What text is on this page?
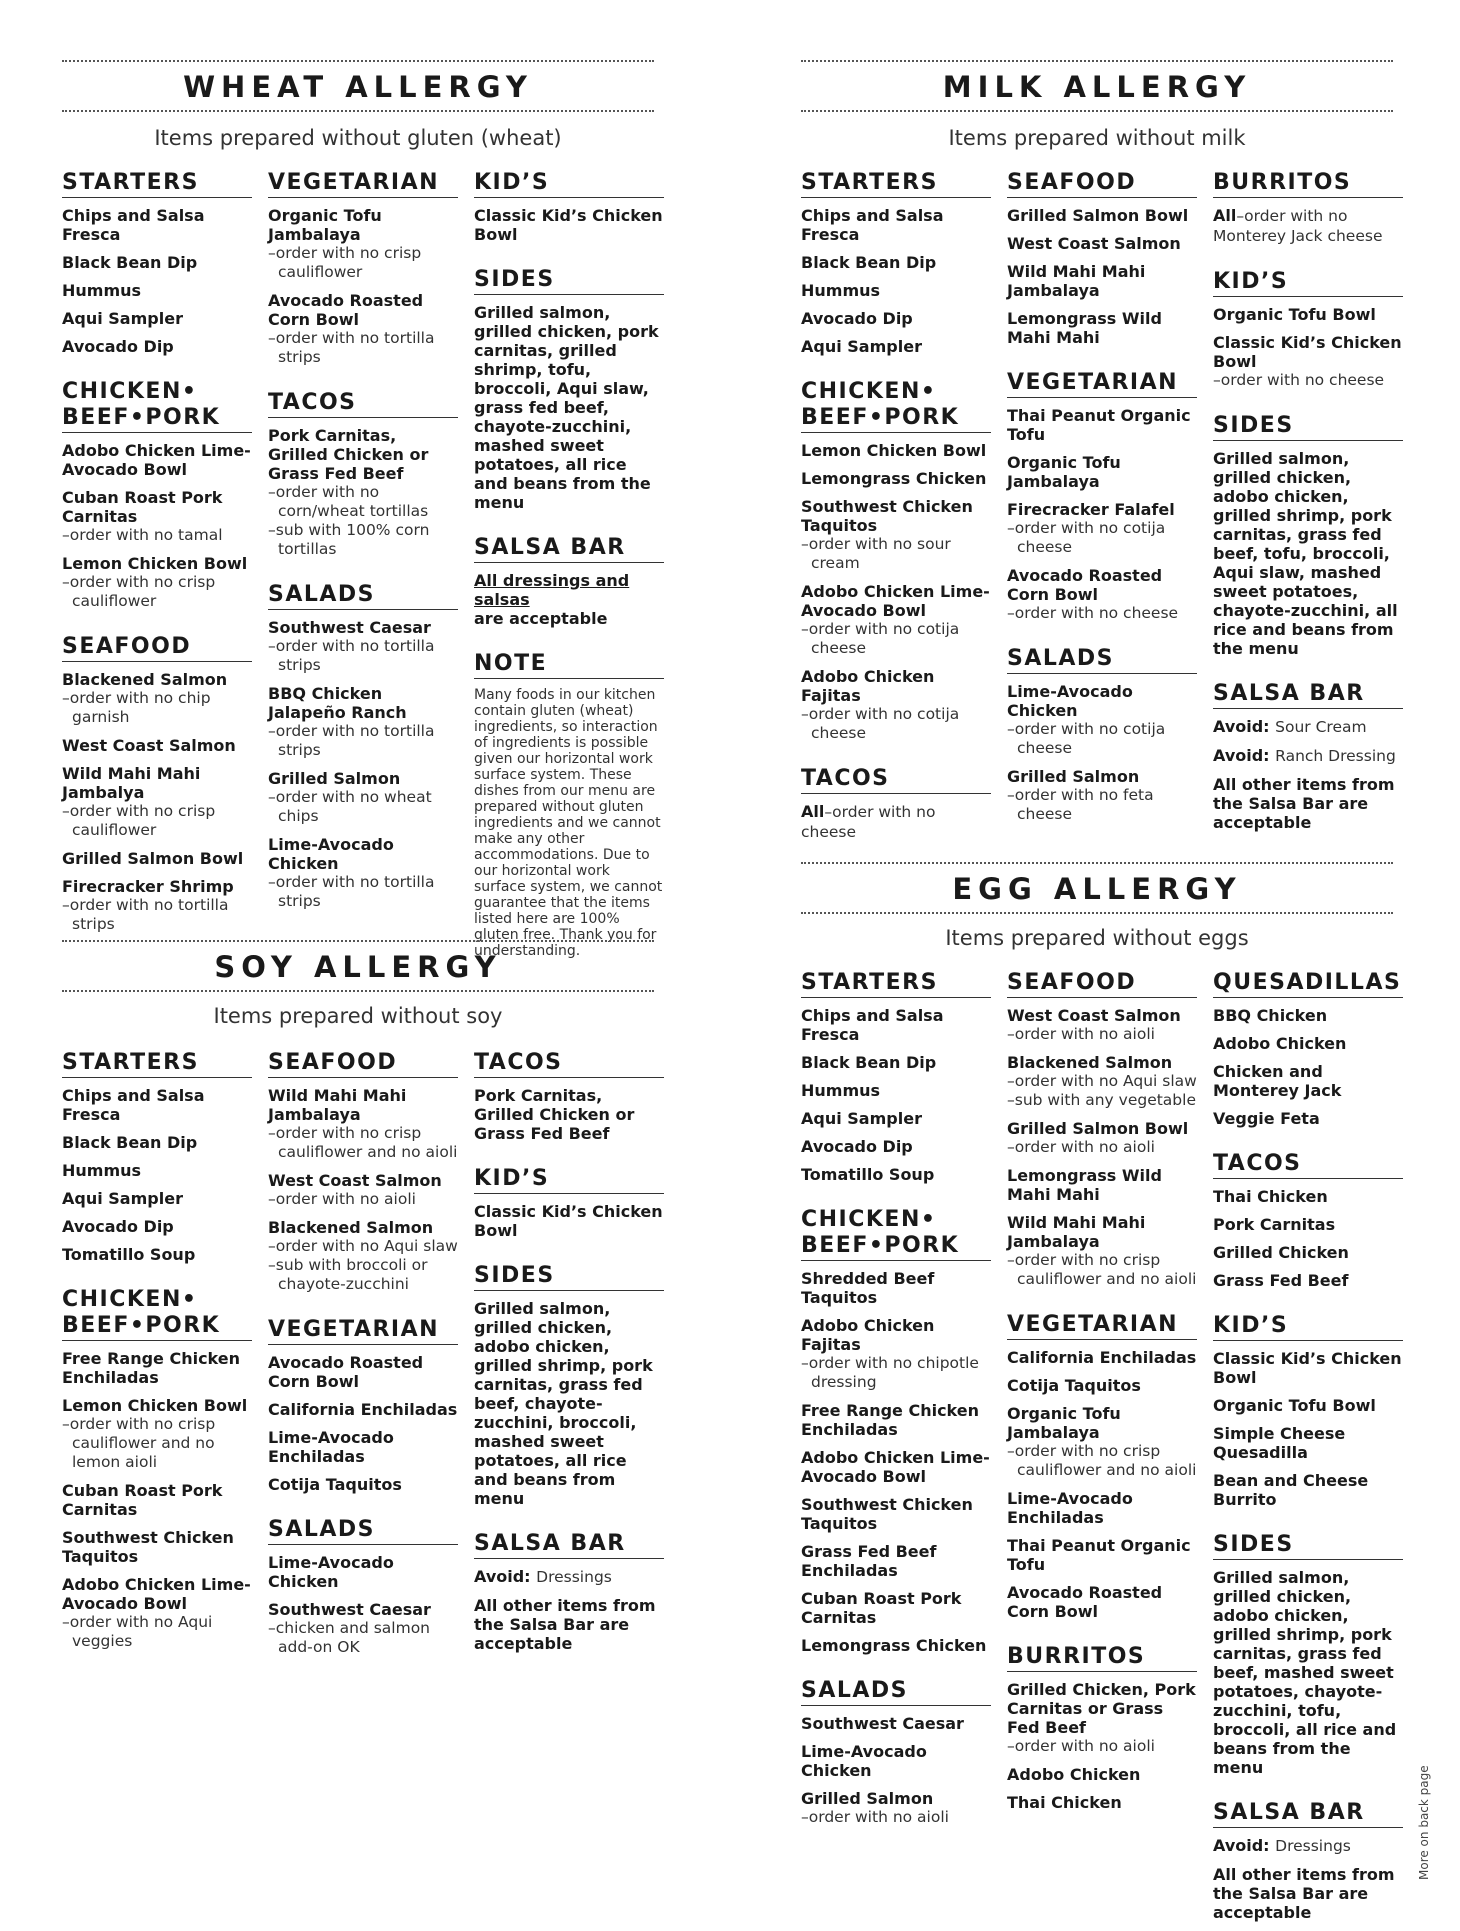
WHEAT ALLERGY
Items prepared without gluten (wheat)
STARTERS
Chips and Salsa Fresca
Black Bean Dip
Hummus
Aqui Sampler
Avocado Dip
CHICKEN•
BEEF•PORK
Adobo Chicken Lime-Avocado Bowl
Cuban Roast Pork Carnitas
– order with no tamal
Lemon Chicken Bowl
– order with no crisp cauliflower
SEAFOOD
Blackened Salmon
– order with no chip garnish
West Coast Salmon
Wild Mahi Mahi Jambalya
– order with no crisp cauliflower
Grilled Salmon Bowl
Firecracker Shrimp
– order with no tortilla strips
VEGETARIAN
Organic Tofu Jambalaya
– order with no crisp cauliflower
Avocado Roasted Corn Bowl
– order with no tortilla strips
TACOS
Pork Carnitas, Grilled Chicken or Grass Fed Beef
– order with no corn/wheat tortillas
– sub with 100% corn tortillas
SALADS
Southwest Caesar
– order with no tortilla strips
BBQ Chicken Jalapeño Ranch
– order with no tortilla strips
Grilled Salmon
– order with no wheat chips
Lime-Avocado Chicken
– order with no tortilla strips
KID’S
Classic Kid’s Chicken Bowl
SIDES
Grilled salmon, grilled chicken, pork carnitas, grilled shrimp, tofu, broccoli, Aqui slaw, grass fed beef, chayote-zucchini, mashed sweet potatoes, all rice and beans from the menu
SALSA BAR
All dressings and salsas
are acceptable
NOTE
Many foods in our kitchen contain gluten (wheat) ingredients, so interaction of ingredients is possible given our horizontal work surface system. These dishes from our menu are prepared without gluten ingredients and we cannot make any other accommodations. Due to our horizontal work surface system, we cannot guarantee that the items listed here are 100% gluten free. Thank you for understanding.
SOY ALLERGY
Items prepared without soy
STARTERS
Chips and Salsa Fresca
Black Bean Dip
Hummus
Aqui Sampler
Avocado Dip
Tomatillo Soup
CHICKEN•
BEEF•PORK
Free Range Chicken Enchiladas
Lemon Chicken Bowl
– order with no crisp cauliflower and no lemon aioli
Cuban Roast Pork Carnitas
Southwest Chicken Taquitos
Adobo Chicken Lime-Avocado Bowl
– order with no Aqui veggies
SEAFOOD
Wild Mahi Mahi Jambalaya
– order with no crisp cauliflower and no aioli
West Coast Salmon
– order with no aioli
Blackened Salmon
– order with no Aqui slaw
– sub with broccoli or chayote-zucchini
VEGETARIAN
Avocado Roasted Corn Bowl
California Enchiladas
Lime-Avocado Enchiladas
Cotija Taquitos
SALADS
Lime-Avocado Chicken
Southwest Caesar
– chicken and salmon add-on OK
TACOS
Pork Carnitas, Grilled Chicken or Grass Fed Beef
KID’S
Classic Kid’s Chicken Bowl
SIDES
Grilled salmon, grilled chicken, adobo chicken, grilled shrimp, pork carnitas, grass fed beef, chayote-zucchini, broccoli, mashed sweet potatoes, all rice and beans from menu
SALSA BAR
Avoid: Dressings
All other items from the Salsa Bar are acceptable
MILK ALLERGY
Items prepared without milk
STARTERS
Chips and Salsa Fresca
Black Bean Dip
Hummus
Avocado Dip
Aqui Sampler
CHICKEN•
BEEF•PORK
Lemon Chicken Bowl
Lemongrass Chicken
Southwest Chicken Taquitos
– order with no sour cream
Adobo Chicken Lime-Avocado Bowl
– order with no cotija cheese
Adobo Chicken Fajitas
– order with no cotija cheese
TACOS
All–order with no cheese
SEAFOOD
Grilled Salmon Bowl
West Coast Salmon
Wild Mahi Mahi Jambalaya
Lemongrass Wild Mahi Mahi
VEGETARIAN
Thai Peanut Organic Tofu
Organic Tofu Jambalaya
Firecracker Falafel
– order with no cotija cheese
Avocado Roasted Corn Bowl
– order with no cheese
SALADS
Lime-Avocado Chicken
– order with no cotija cheese
Grilled Salmon
– order with no feta cheese
BURRITOS
All–order with no Monterey Jack cheese
KID’S
Organic Tofu Bowl
Classic Kid’s Chicken Bowl
– order with no cheese
SIDES
Grilled salmon, grilled chicken, adobo chicken, grilled shrimp, pork carnitas, grass fed beef, tofu, broccoli, Aqui slaw, mashed sweet potatoes, chayote-zucchini, all rice and beans from the menu
SALSA BAR
Avoid: Sour Cream
Avoid: Ranch Dressing
All other items from the Salsa Bar are acceptable
EGG ALLERGY
Items prepared without eggs
STARTERS
Chips and Salsa Fresca
Black Bean Dip
Hummus
Aqui Sampler
Avocado Dip
Tomatillo Soup
CHICKEN•
BEEF•PORK
Shredded Beef Taquitos
Adobo Chicken Fajitas
– order with no chipotle dressing
Free Range Chicken Enchiladas
Adobo Chicken Lime-Avocado Bowl
Southwest Chicken Taquitos
Grass Fed Beef Enchiladas
Cuban Roast Pork Carnitas
Lemongrass Chicken
SALADS
Southwest Caesar
Lime-Avocado Chicken
Grilled Salmon
– order with no aioli
SEAFOOD
West Coast Salmon
– order with no aioli
Blackened Salmon
– order with no Aqui slaw
– sub with any vegetable
Grilled Salmon Bowl
– order with no aioli
Lemongrass Wild Mahi Mahi
Wild Mahi Mahi Jambalaya
– order with no crisp cauliflower and no aioli
VEGETARIAN
California Enchiladas
Cotija Taquitos
Organic Tofu Jambalaya
– order with no crisp cauliflower and no aioli
Lime-Avocado Enchiladas
Thai Peanut Organic Tofu
Avocado Roasted Corn Bowl
BURRITOS
Grilled Chicken, Pork Carnitas or Grass Fed Beef
– order with no aioli
Adobo Chicken
Thai Chicken
QUESADILLAS
BBQ Chicken
Adobo Chicken
Chicken and Monterey Jack
Veggie Feta
TACOS
Thai Chicken
Pork Carnitas
Grilled Chicken
Grass Fed Beef
KID’S
Classic Kid’s Chicken Bowl
Organic Tofu Bowl
Simple Cheese Quesadilla
Bean and Cheese Burrito
SIDES
Grilled salmon, grilled chicken, adobo chicken, grilled shrimp, pork carnitas, grass fed beef, mashed sweet potatoes, chayote-zucchini, tofu, broccoli, all rice and beans from the menu
SALSA BAR
Avoid: Dressings
All other items from the Salsa Bar are acceptable
More on back page
